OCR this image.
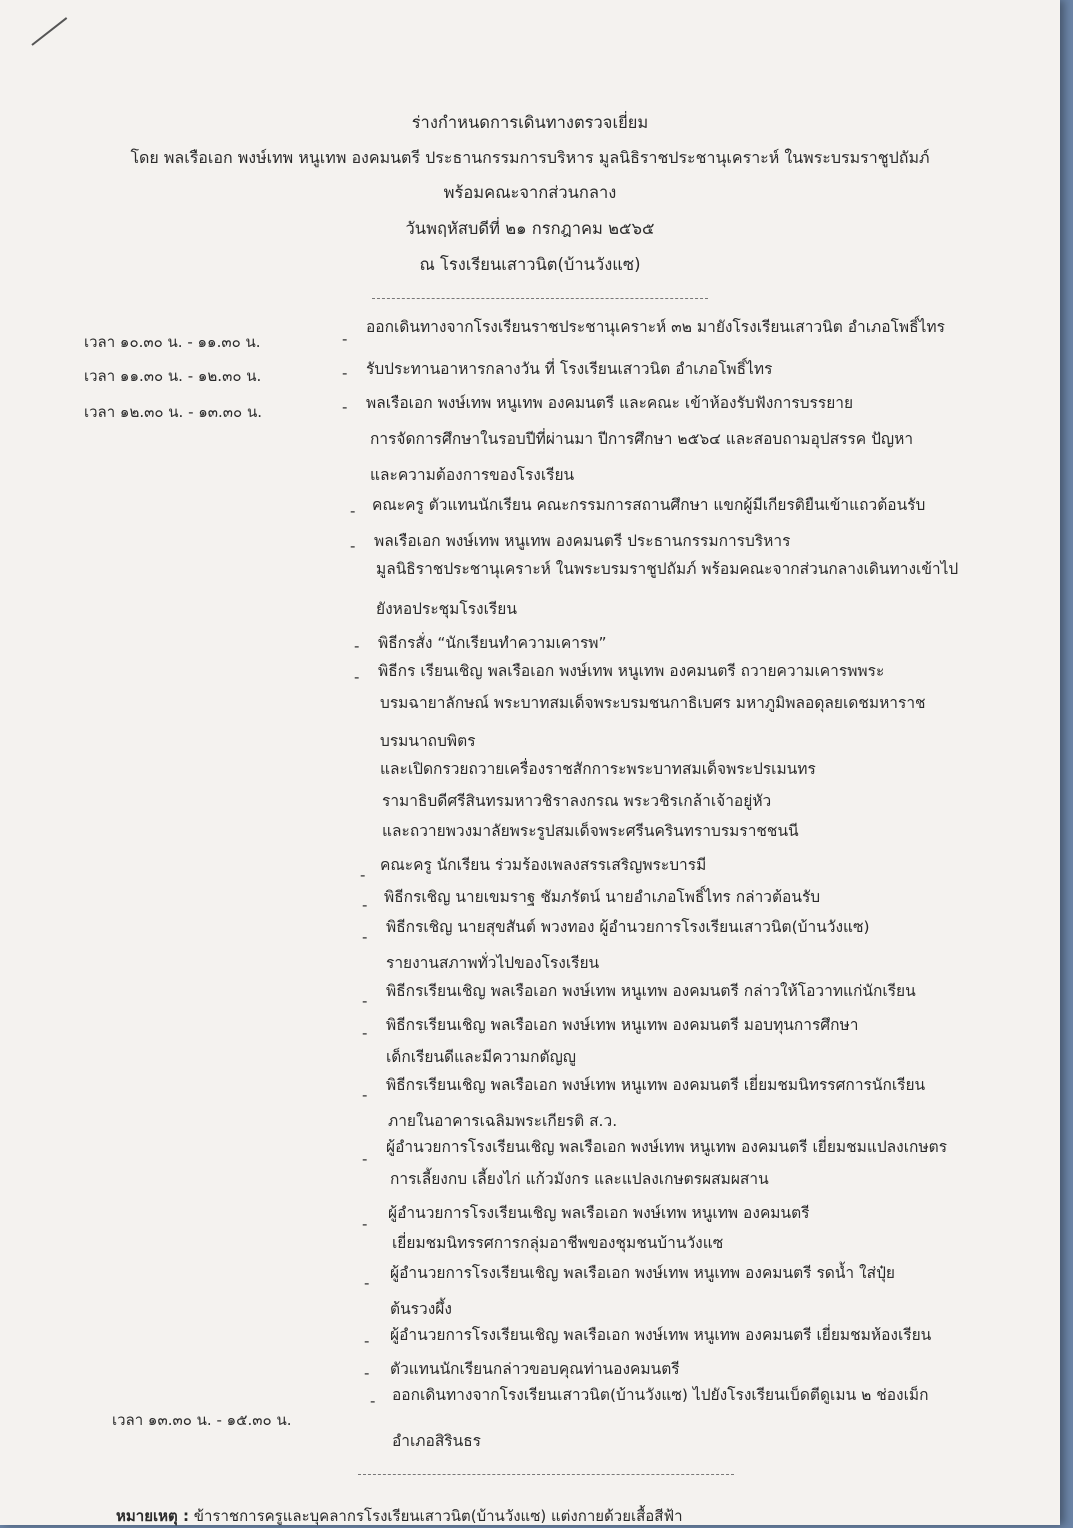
ร่างกำหนดการเดินทางตรวจเยี่ยม
โดย พลเรือเอก พงษ์เทพ หนูเทพ องคมนตรี ประธานกรรมการบริหาร มูลนิธิราชประชานุเคราะห์ ในพระบรมราชูปถัมภ์
พร้อมคณะจากส่วนกลาง
วันพฤหัสบดีที่ ๒๑ กรกฎาคม ๒๕๖๕
ณ โรงเรียนเสาวนิต(บ้านวังแซ)
เวลา ๑๐.๓๐ น. - ๑๑.๓๐ น.
เวลา ๑๑.๓๐ น. - ๑๒.๓๐ น.
เวลา ๑๒.๓๐ น. - ๑๓.๓๐ น.
เวลา ๑๓.๓๐ น. - ๑๕.๓๐ น.
-
-
-
-
-
-
-
-
-
-
-
-
-
-
-
-
-
-
-
ออกเดินทางจากโรงเรียนราชประชานุเคราะห์ ๓๒ มายังโรงเรียนเสาวนิต อำเภอโพธิ์ไทร
รับประทานอาหารกลางวัน ที่ โรงเรียนเสาวนิต อำเภอโพธิ์ไทร
พลเรือเอก พงษ์เทพ หนูเทพ องคมนตรี และคณะ เข้าห้องรับฟังการบรรยาย
การจัดการศึกษาในรอบปีที่ผ่านมา ปีการศึกษา ๒๕๖๔ และสอบถามอุปสรรค ปัญหา
และความต้องการของโรงเรียน
คณะครู ตัวแทนนักเรียน คณะกรรมการสถานศึกษา แขกผู้มีเกียรติยืนเข้าแถวต้อนรับ
พลเรือเอก พงษ์เทพ หนูเทพ องคมนตรี ประธานกรรมการบริหาร
มูลนิธิราชประชานุเคราะห์ ในพระบรมราชูปถัมภ์ พร้อมคณะจากส่วนกลางเดินทางเข้าไป
ยังหอประชุมโรงเรียน
พิธีกรสั่ง “นักเรียนทำความเคารพ”
พิธีกร เรียนเชิญ พลเรือเอก พงษ์เทพ หนูเทพ องคมนตรี ถวายความเคารพพระ
บรมฉายาลักษณ์ พระบาทสมเด็จพระบรมชนกาธิเบศร มหาภูมิพลอดุลยเดชมหาราช
บรมนาถบพิตร
และเปิดกรวยถวายเครื่องราชสักการะพระบาทสมเด็จพระปรเมนทร
รามาธิบดีศรีสินทรมหาวชิราลงกรณ พระวชิรเกล้าเจ้าอยู่หัว
และถวายพวงมาลัยพระรูปสมเด็จพระศรีนครินทราบรมราชชนนี
คณะครู นักเรียน ร่วมร้องเพลงสรรเสริญพระบารมี
พิธีกรเชิญ นายเขมราฐ ชัมภรัตน์ นายอำเภอโพธิ์ไทร กล่าวต้อนรับ
พิธีกรเชิญ นายสุขสันต์ พวงทอง ผู้อำนวยการโรงเรียนเสาวนิต(บ้านวังแซ)
รายงานสภาพทั่วไปของโรงเรียน
พิธีกรเรียนเชิญ พลเรือเอก พงษ์เทพ หนูเทพ องคมนตรี กล่าวให้โอวาทแก่นักเรียน
พิธีกรเรียนเชิญ พลเรือเอก พงษ์เทพ หนูเทพ องคมนตรี มอบทุนการศึกษา
เด็กเรียนดีและมีความกตัญญู
พิธีกรเรียนเชิญ พลเรือเอก พงษ์เทพ หนูเทพ องคมนตรี เยี่ยมชมนิทรรศการนักเรียน
ภายในอาคารเฉลิมพระเกียรติ ส.ว.
ผู้อำนวยการโรงเรียนเชิญ พลเรือเอก พงษ์เทพ หนูเทพ องคมนตรี เยี่ยมชมแปลงเกษตร
การเลี้ยงกบ เลี้ยงไก่ แก้วมังกร และแปลงเกษตรผสมผสาน
ผู้อำนวยการโรงเรียนเชิญ พลเรือเอก พงษ์เทพ หนูเทพ องคมนตรี
เยี่ยมชมนิทรรศการกลุ่มอาชีพของชุมชนบ้านวังแซ
ผู้อำนวยการโรงเรียนเชิญ พลเรือเอก พงษ์เทพ หนูเทพ องคมนตรี รดน้ำ ใส่ปุ๋ย
ต้นรวงผึ้ง
ผู้อำนวยการโรงเรียนเชิญ พลเรือเอก พงษ์เทพ หนูเทพ องคมนตรี เยี่ยมชมห้องเรียน
ตัวแทนนักเรียนกล่าวขอบคุณท่านองคมนตรี
ออกเดินทางจากโรงเรียนเสาวนิต(บ้านวังแซ) ไปยังโรงเรียนเบ็ดตีดูเมน ๒ ช่องเม็ก
อำเภอสิรินธร
หมายเหตุ : ข้าราชการครูและบุคลากรโรงเรียนเสาวนิต(บ้านวังแซ) แต่งกายด้วยเสื้อสีฟ้า
